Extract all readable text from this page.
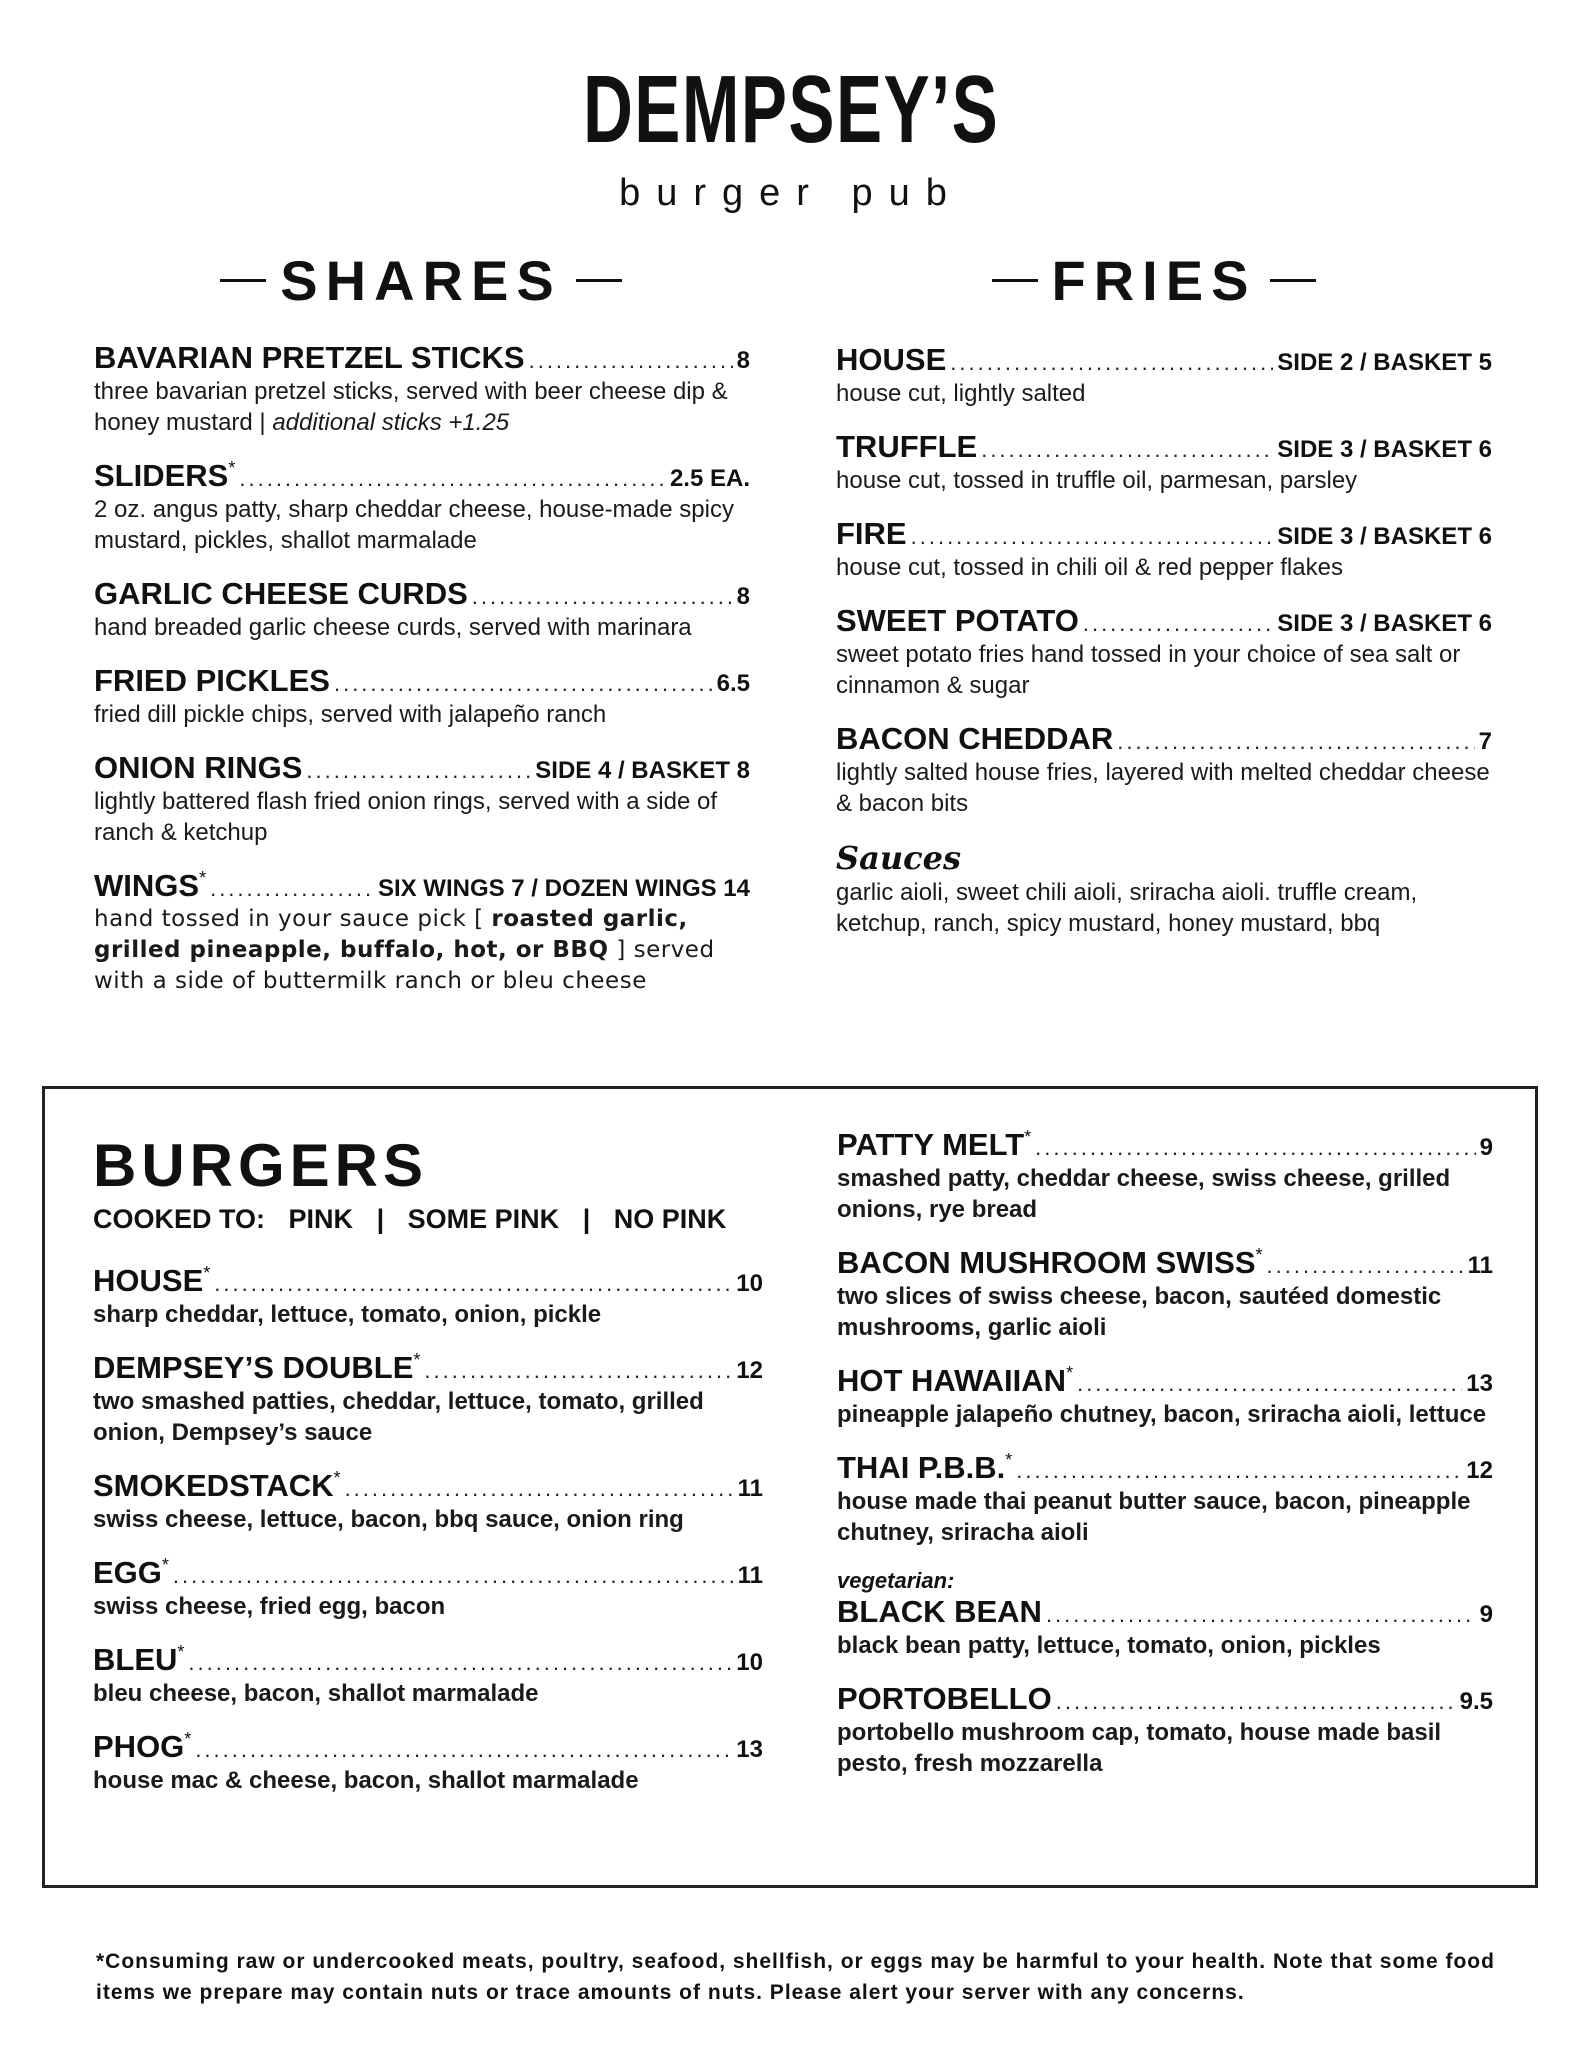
DEMPSEY’S
burger pub
SHARES	FRIES
BAVARIAN PRETZEL STICKS .....	8
three bavarian pretzel sticks, served with beer cheese dip & honey mustard | additional sticks +1.25
SLIDERS* .....	2.5 EA.
2 oz. angus patty, sharp cheddar cheese, house-made spicy mustard, pickles, shallot marmalade
GARLIC CHEESE CURDS .....	8
hand breaded garlic cheese curds, served with marinara
FRIED PICKLES .....	6.5
fried dill pickle chips, served with jalapeño ranch
ONION RINGS .....	SIDE 4 / BASKET 8
lightly battered flash fried onion rings, served with a side of ranch & ketchup
WINGS* .....	SIX WINGS 7 / DOZEN WINGS 14
hand tossed in your sauce pick [ roasted garlic, grilled pineapple, buffalo, hot, or BBQ ] served with a side of buttermilk ranch or bleu cheese
HOUSE .....	SIDE 2 / BASKET 5
house cut, lightly salted
TRUFFLE .....	SIDE 3 / BASKET 6
house cut, tossed in truffle oil, parmesan, parsley
FIRE .....	SIDE 3 / BASKET 6
house cut, tossed in chili oil & red pepper flakes
SWEET POTATO .....	SIDE 3 / BASKET 6
sweet potato fries hand tossed in your choice of sea salt or cinnamon & sugar
BACON CHEDDAR .....	7
lightly salted house fries, layered with melted cheddar cheese & bacon bits
Sauces
garlic aioli, sweet chili aioli, sriracha aioli. truffle cream, ketchup, ranch, spicy mustard, honey mustard, bbq
BURGERS
COOKED TO: PINK | SOME PINK | NO PINK
HOUSE* .....	10
sharp cheddar, lettuce, tomato, onion, pickle
DEMPSEY’S DOUBLE* .....	12
two smashed patties, cheddar, lettuce, tomato, grilled onion, Dempsey’s sauce
SMOKEDSTACK* .....	11
swiss cheese, lettuce, bacon, bbq sauce, onion ring
EGG* .....	11
swiss cheese, fried egg, bacon
BLEU* .....	10
bleu cheese, bacon, shallot marmalade
PHOG* .....	13
house mac & cheese, bacon, shallot marmalade
PATTY MELT* .....	9
smashed patty, cheddar cheese, swiss cheese, grilled onions, rye bread
BACON MUSHROOM SWISS* .....	11
two slices of swiss cheese, bacon, sautéed domestic mushrooms, garlic aioli
HOT HAWAIIAN* .....	13
pineapple jalapeño chutney, bacon, sriracha aioli, lettuce
THAI P.B.B.* .....	12
house made thai peanut butter sauce, bacon, pineapple chutney, sriracha aioli
vegetarian:
BLACK BEAN .....	9
black bean patty, lettuce, tomato, onion, pickles
PORTOBELLO .....	9.5
portobello mushroom cap, tomato, house made basil pesto, fresh mozzarella
*Consuming raw or undercooked meats, poultry, seafood, shellfish, or eggs may be harmful to your health. Note that some food items we prepare may contain nuts or trace amounts of nuts. Please alert your server with any concerns.
